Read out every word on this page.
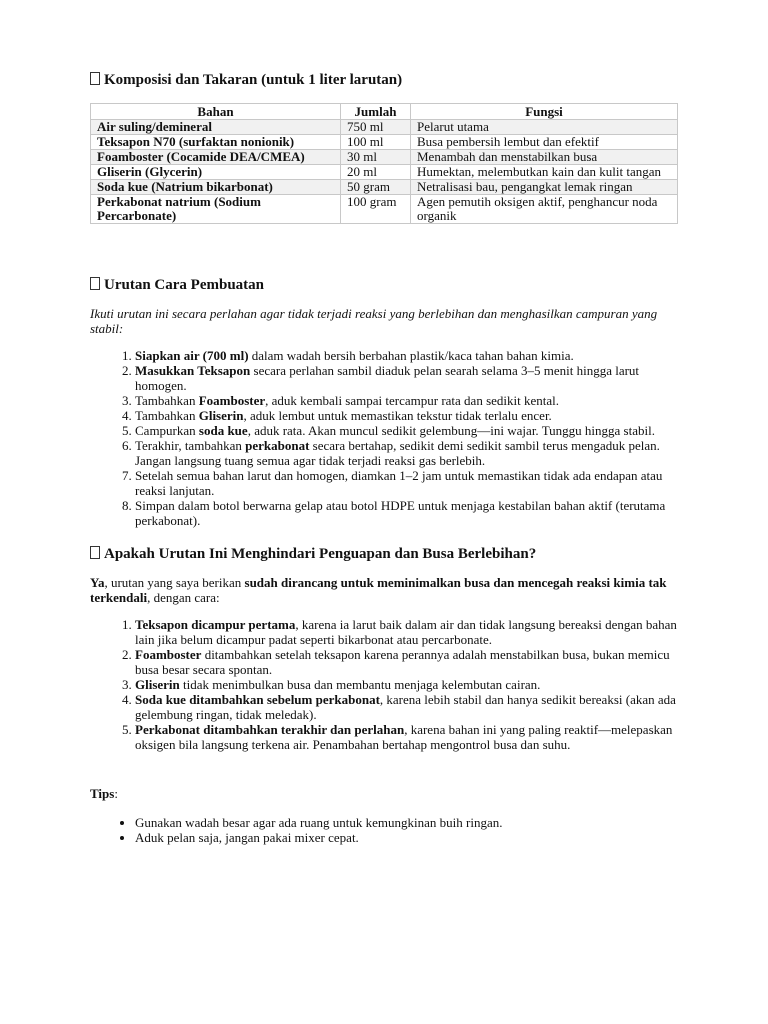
Komposisi dan Takaran (untuk 1 liter larutan)
Bahan	Jumlah	Fungsi
Air suling/demineral	750 ml	Pelarut utama
Teksapon N70 (surfaktan nonionik)	100 ml	Busa pembersih lembut dan efektif
Foamboster (Cocamide DEA/CMEA)	30 ml	Menambah dan menstabilkan busa
Gliserin (Glycerin)	20 ml	Humektan, melembutkan kain dan kulit tangan
Soda kue (Natrium bikarbonat)	50 gram	Netralisasi bau, pengangkat lemak ringan
Perkabonat natrium (Sodium Percarbonate)	100 gram	Agen pemutih oksigen aktif, penghancur noda organik
Urutan Cara Pembuatan
Ikuti urutan ini secara perlahan agar tidak terjadi reaksi yang berlebihan dan menghasilkan campuran yang stabil:
1. Siapkan air (700 ml) dalam wadah bersih berbahan plastik/kaca tahan bahan kimia.
2. Masukkan Teksapon secara perlahan sambil diaduk pelan searah selama 3–5 menit hingga larut homogen.
3. Tambahkan Foamboster, aduk kembali sampai tercampur rata dan sedikit kental.
4. Tambahkan Gliserin, aduk lembut untuk memastikan tekstur tidak terlalu encer.
5. Campurkan soda kue, aduk rata. Akan muncul sedikit gelembung—ini wajar. Tunggu hingga stabil.
6. Terakhir, tambahkan perkabonat secara bertahap, sedikit demi sedikit sambil terus mengaduk pelan. Jangan langsung tuang semua agar tidak terjadi reaksi gas berlebih.
7. Setelah semua bahan larut dan homogen, diamkan 1–2 jam untuk memastikan tidak ada endapan atau reaksi lanjutan.
8. Simpan dalam botol berwarna gelap atau botol HDPE untuk menjaga kestabilan bahan aktif (terutama perkabonat).
Apakah Urutan Ini Menghindari Penguapan dan Busa Berlebihan?
Ya, urutan yang saya berikan sudah dirancang untuk meminimalkan busa dan mencegah reaksi kimia tak terkendali, dengan cara:
1. Teksapon dicampur pertama, karena ia larut baik dalam air dan tidak langsung bereaksi dengan bahan lain jika belum dicampur padat seperti bikarbonat atau percarbonate.
2. Foamboster ditambahkan setelah teksapon karena perannya adalah menstabilkan busa, bukan memicu busa besar secara spontan.
3. Gliserin tidak menimbulkan busa dan membantu menjaga kelembutan cairan.
4. Soda kue ditambahkan sebelum perkabonat, karena lebih stabil dan hanya sedikit bereaksi (akan ada gelembung ringan, tidak meledak).
5. Perkabonat ditambahkan terakhir dan perlahan, karena bahan ini yang paling reaktif—melepaskan oksigen bila langsung terkena air. Penambahan bertahap mengontrol busa dan suhu.
Tips:
• Gunakan wadah besar agar ada ruang untuk kemungkinan buih ringan.
• Aduk pelan saja, jangan pakai mixer cepat.
